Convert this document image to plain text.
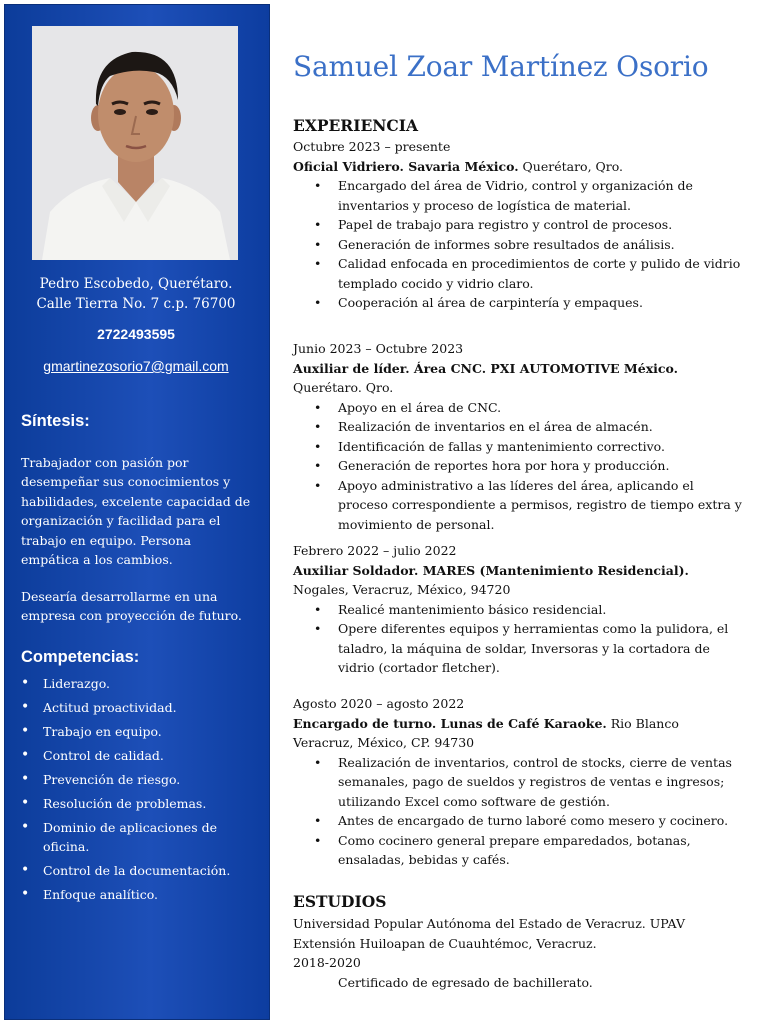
Pedro Escobedo, Querétaro.
Calle Tierra No. 7 c.p. 76700
2722493595
gmartinezosorio7@gmail.com
Síntesis:
Trabajador con pasión por desempeñar sus conocimientos y habilidades, excelente capacidad de organización y facilidad para el trabajo en equipo. Persona empática a los cambios.
Desearía desarrollarme en una empresa con proyección de futuro.
Competencias:
• Liderazgo.
• Actitud proactividad.
• Trabajo en equipo.
• Control de calidad.
• Prevención de riesgo.
• Resolución de problemas.
• Dominio de aplicaciones de oficina.
• Control de la documentación.
• Enfoque analítico.
Samuel Zoar Martínez Osorio
EXPERIENCIA

Octubre 2023 – presente

Oficial Vidriero. Savaria México. Querétaro, Qro.

• Encargado del área de Vidrio, control y organización de inventarios y proceso de logística de material.
• Papel de trabajo para registro y control de procesos.
• Generación de informes sobre resultados de análisis.
• Calidad enfocada en procedimientos de corte y pulido de vidrio templado cocido y vidrio claro.
• Cooperación al área de carpintería y empaques.

Junio 2023 – Octubre 2023

Auxiliar de líder. Área CNC. PXI AUTOMOTIVE México. Querétaro. Qro.

• Apoyo en el área de CNC.
• Realización de inventarios en el área de almacén.
• Identificación de fallas y mantenimiento correctivo.
• Generación de reportes hora por hora y producción.
• Apoyo administrativo a las líderes del área, aplicando el proceso correspondiente a permisos, registro de tiempo extra y movimiento de personal.

Febrero 2022 – julio 2022

Auxiliar Soldador. MARES (Mantenimiento Residencial). Nogales, Veracruz, México, 94720

• Realicé mantenimiento básico residencial.
• Opere diferentes equipos y herramientas como la pulidora, el taladro, la máquina de soldar, Inversoras y la cortadora de vidrio (cortador fletcher).

Agosto 2020 – agosto 2022

Encargado de turno. Lunas de Café Karaoke. Rio Blanco Veracruz, México, CP. 94730

• Realización de inventarios, control de stocks, cierre de ventas semanales, pago de sueldos y registros de ventas e ingresos; utilizando Excel como software de gestión.
• Antes de encargado de turno laboré como mesero y cocinero.
• Como cocinero general prepare emparedados, botanas, ensaladas, bebidas y cafés.
ESTUDIOS

Universidad Popular Autónoma del Estado de Veracruz. UPAV Extensión Huiloapan de Cuauhtémoc, Veracruz.

2018-2020

Certificado de egresado de bachillerato.
